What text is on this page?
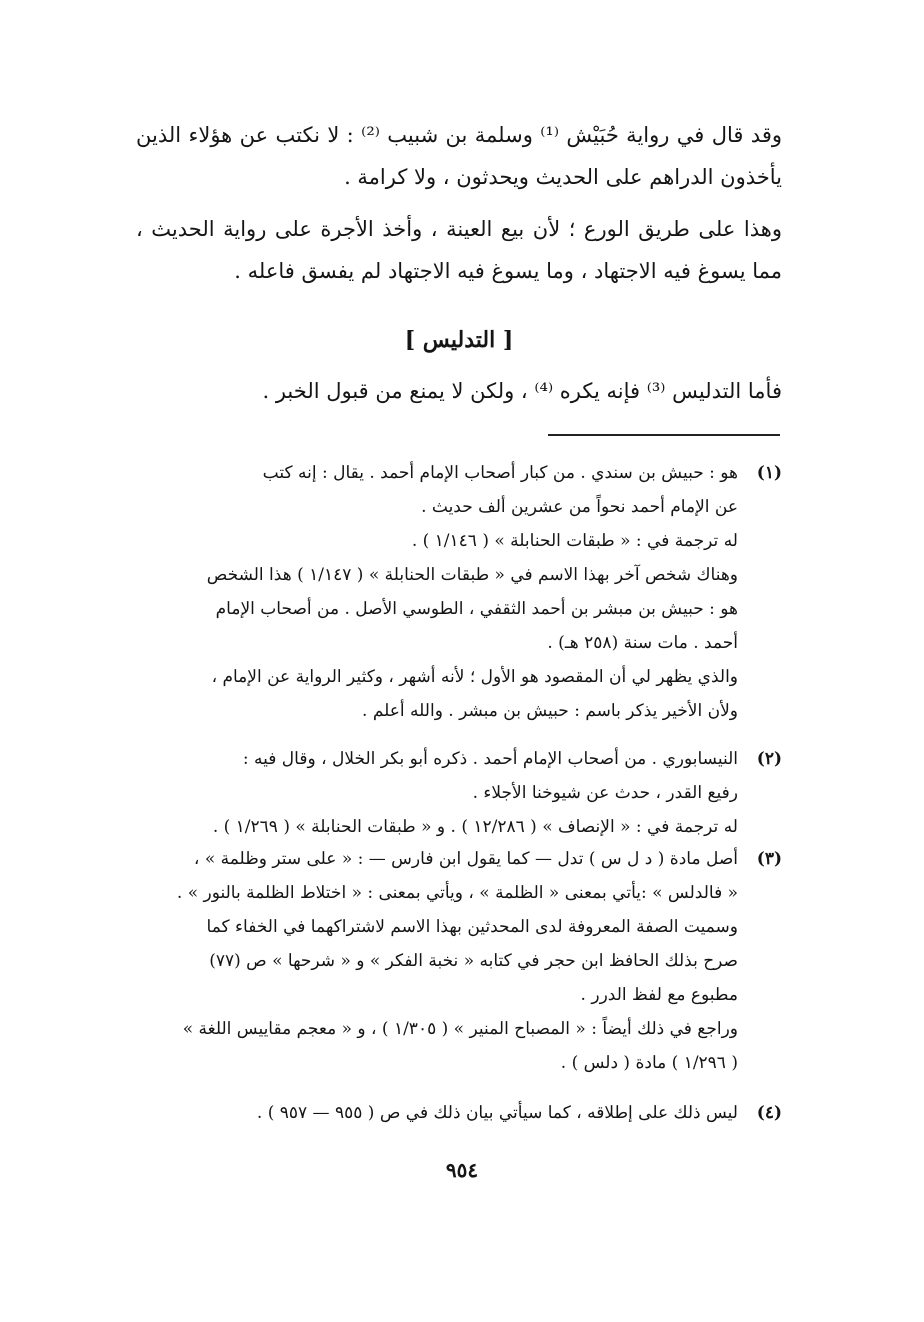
وقد قال في رواية حُبَيْش ⁽¹⁾ وسلمة بن شبيب ⁽²⁾ : لا نكتب عن هؤلاء الذين يأخذون الدراهم على الحديث ويحدثون ، ولا كرامة .

وهذا على طريق الورع ؛ لأن بيع العينة ، وأخذ الأجرة على رواية الحديث ، مما يسوغ فيه الاجتهاد ، وما يسوغ فيه الاجتهاد لم يفسق فاعله .

[ التدليس ]

فأما التدليس ⁽³⁾ فإنه يكره ⁽⁴⁾ ، ولكن لا يمنع من قبول الخبر .

(١)
هو : حبيش بن سندي . من كبار أصحاب الإمام أحمد . يقال : إنه كتب
عن الإمام أحمد نحواً من عشرين ألف حديث .
له ترجمة في : « طبقات الحنابلة » ( ١/١٤٦ ) .
وهناك شخص آخر بهذا الاسم في « طبقات الحنابلة » ( ١/١٤٧ ) هذا الشخص
هو : حبيش بن مبشر بن أحمد الثقفي ، الطوسي الأصل . من أصحاب الإمام
أحمد . مات سنة (٢٥٨ هـ) .
والذي يظهر لي أن المقصود هو الأول ؛ لأنه أشهر ، وكثير الرواية عن الإمام ،
ولأن الأخير يذكر باسم : حبيش بن مبشر . والله أعلم .
(٢)
النيسابوري . من أصحاب الإمام أحمد . ذكره أبو بكر الخلال ، وقال فيه :
رفيع القدر ، حدث عن شيوخنا الأجلاء .
له ترجمة في : « الإنصاف » ( ١٢/٢٨٦ ) . و « طبقات الحنابلة » ( ١/٢٦٩ ) .
(٣)
أصل مادة ( د ل س ) تدل — كما يقول ابن فارس — : « على ستر وظلمة » ،
« فالدلس » :يأتي بمعنى « الظلمة » ، ويأتي بمعنى : « اختلاط الظلمة بالنور » .
وسميت الصفة المعروفة لدى المحدثين بهذا الاسم لاشتراكهما في الخفاء كما
صرح بذلك الحافظ ابن حجر في كتابه « نخبة الفكر » و « شرحها » ص (٧٧)
مطبوع مع لفظ الدرر .
وراجع في ذلك أيضاً : « المصباح المنير » ( ١/٣٠٥ ) ، و « معجم مقاييس اللغة »
( ١/٢٩٦ ) مادة ( دلس ) .
(٤)
ليس ذلك على إطلاقه ، كما سيأتي بيان ذلك في ص ( ٩٥٥ — ٩٥٧ ) .
٩٥٤
